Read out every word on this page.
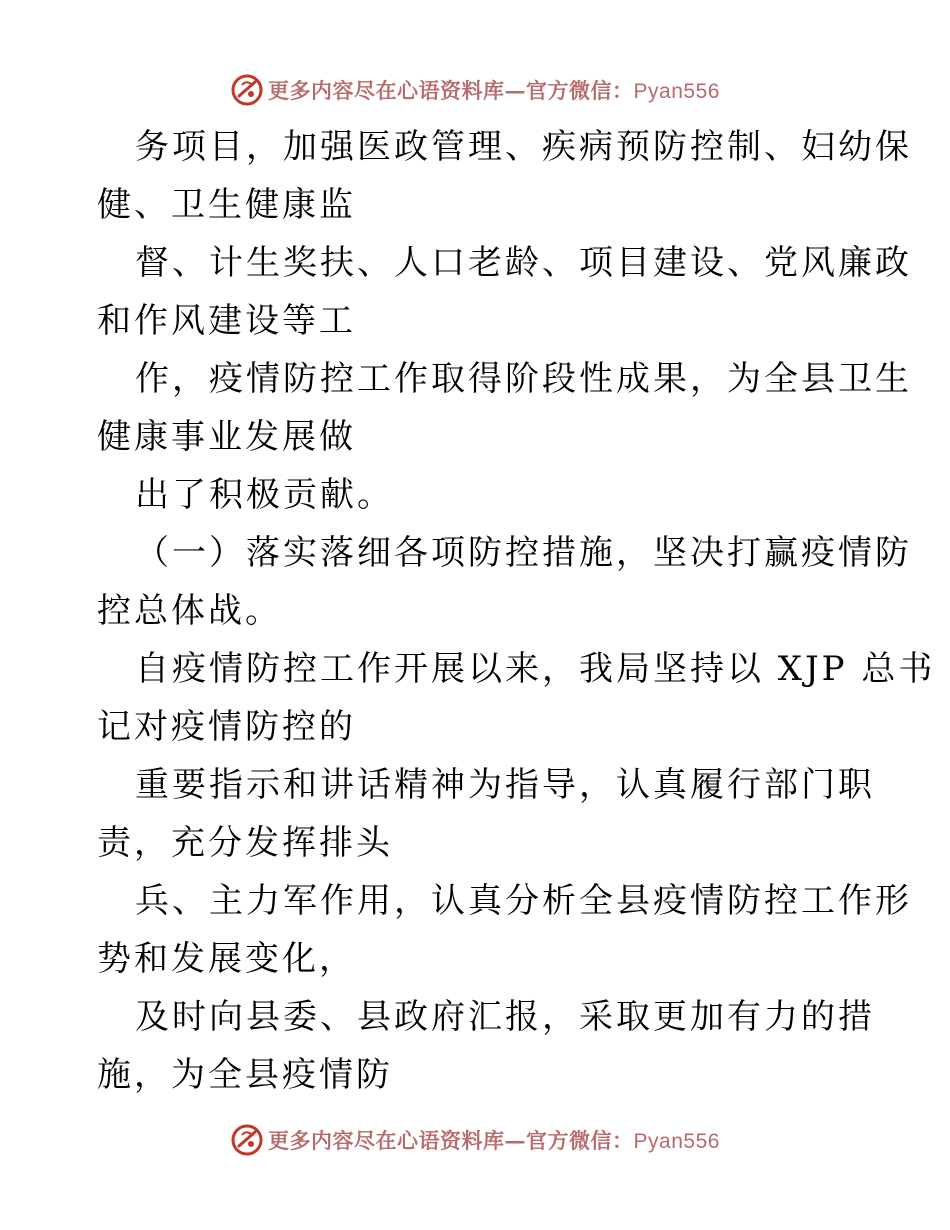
更多内容尽在心语资料库—官方微信：Pyan556
务项目，加强医政管理、疾病预防控制、妇幼保
健、卫生健康监
督、计生奖扶、人口老龄、项目建设、党风廉政
和作风建设等工
作，疫情防控工作取得阶段性成果，为全县卫生
健康事业发展做
出了积极贡献。
（一）落实落细各项防控措施，坚决打赢疫情防
控总体战。
自疫情防控工作开展以来，我局坚持以 XJP 总书
记对疫情防控的
重要指示和讲话精神为指导，认真履行部门职
责，充分发挥排头
兵、主力军作用，认真分析全县疫情防控工作形
势和发展变化，
及时向县委、县政府汇报，采取更加有力的措
施，为全县疫情防
更多内容尽在心语资料库—官方微信：Pyan556
